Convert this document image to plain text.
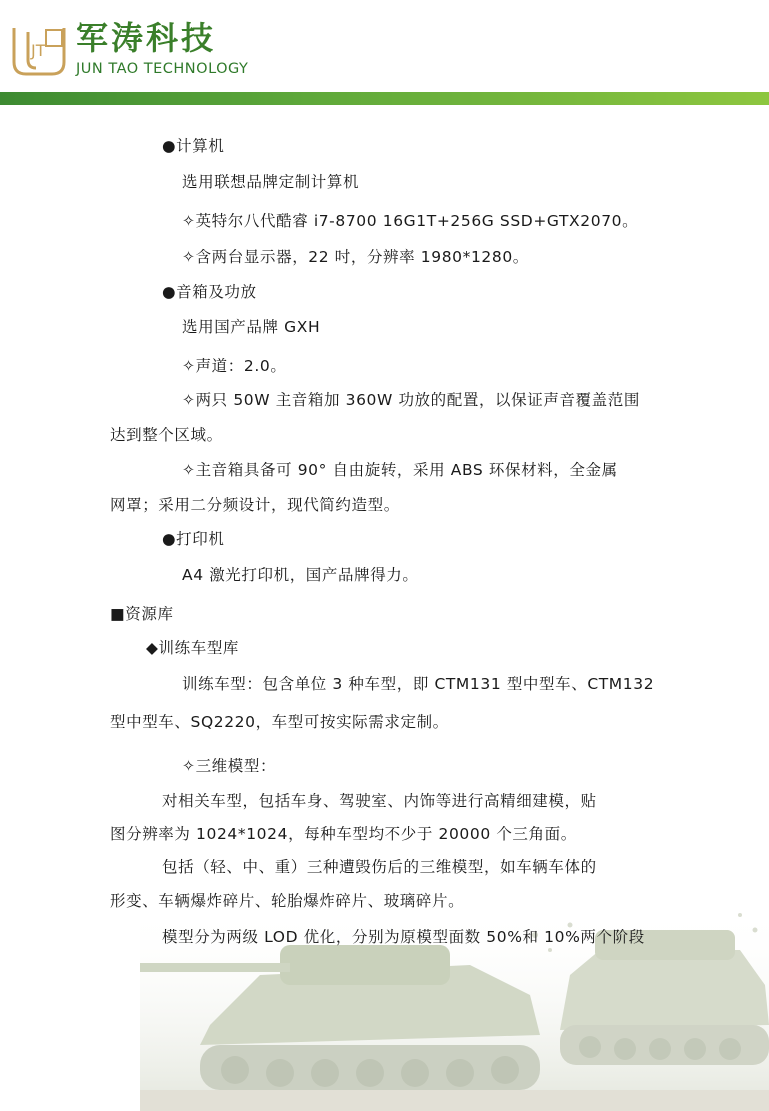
JT 军涛科技
JUN TAO TECHNOLOGY
●计算机
选用联想品牌定制计算机
✧英特尔八代酷睿 i7-8700 16G1T+256G SSD+GTX2070。
✧含两台显示器，22 吋，分辨率 1980*1280。
●音箱及功放
选用国产品牌 GXH
✧声道：2.0。
✧两只 50W 主音箱加 360W 功放的配置，以保证声音覆盖范围
达到整个区域。
✧主音箱具备可 90° 自由旋转，采用 ABS 环保材料，全金属
网罩；采用二分频设计，现代简约造型。
●打印机
A4 激光打印机，国产品牌得力。
■资源库
◆训练车型库
训练车型：包含单位 3 种车型，即 CTM131 型中型车、CTM132
型中型车、SQ2220，车型可按实际需求定制。
✧三维模型：
对相关车型，包括车身、驾驶室、内饰等进行高精细建模，贴
图分辨率为 1024*1024，每种车型均不少于 20000 个三角面。
包括（轻、中、重）三种遭毁伤后的三维模型，如车辆车体的
形变、车辆爆炸碎片、轮胎爆炸碎片、玻璃碎片。
模型分为两级 LOD 优化，分别为原模型面数 50%和 10%两个阶段
